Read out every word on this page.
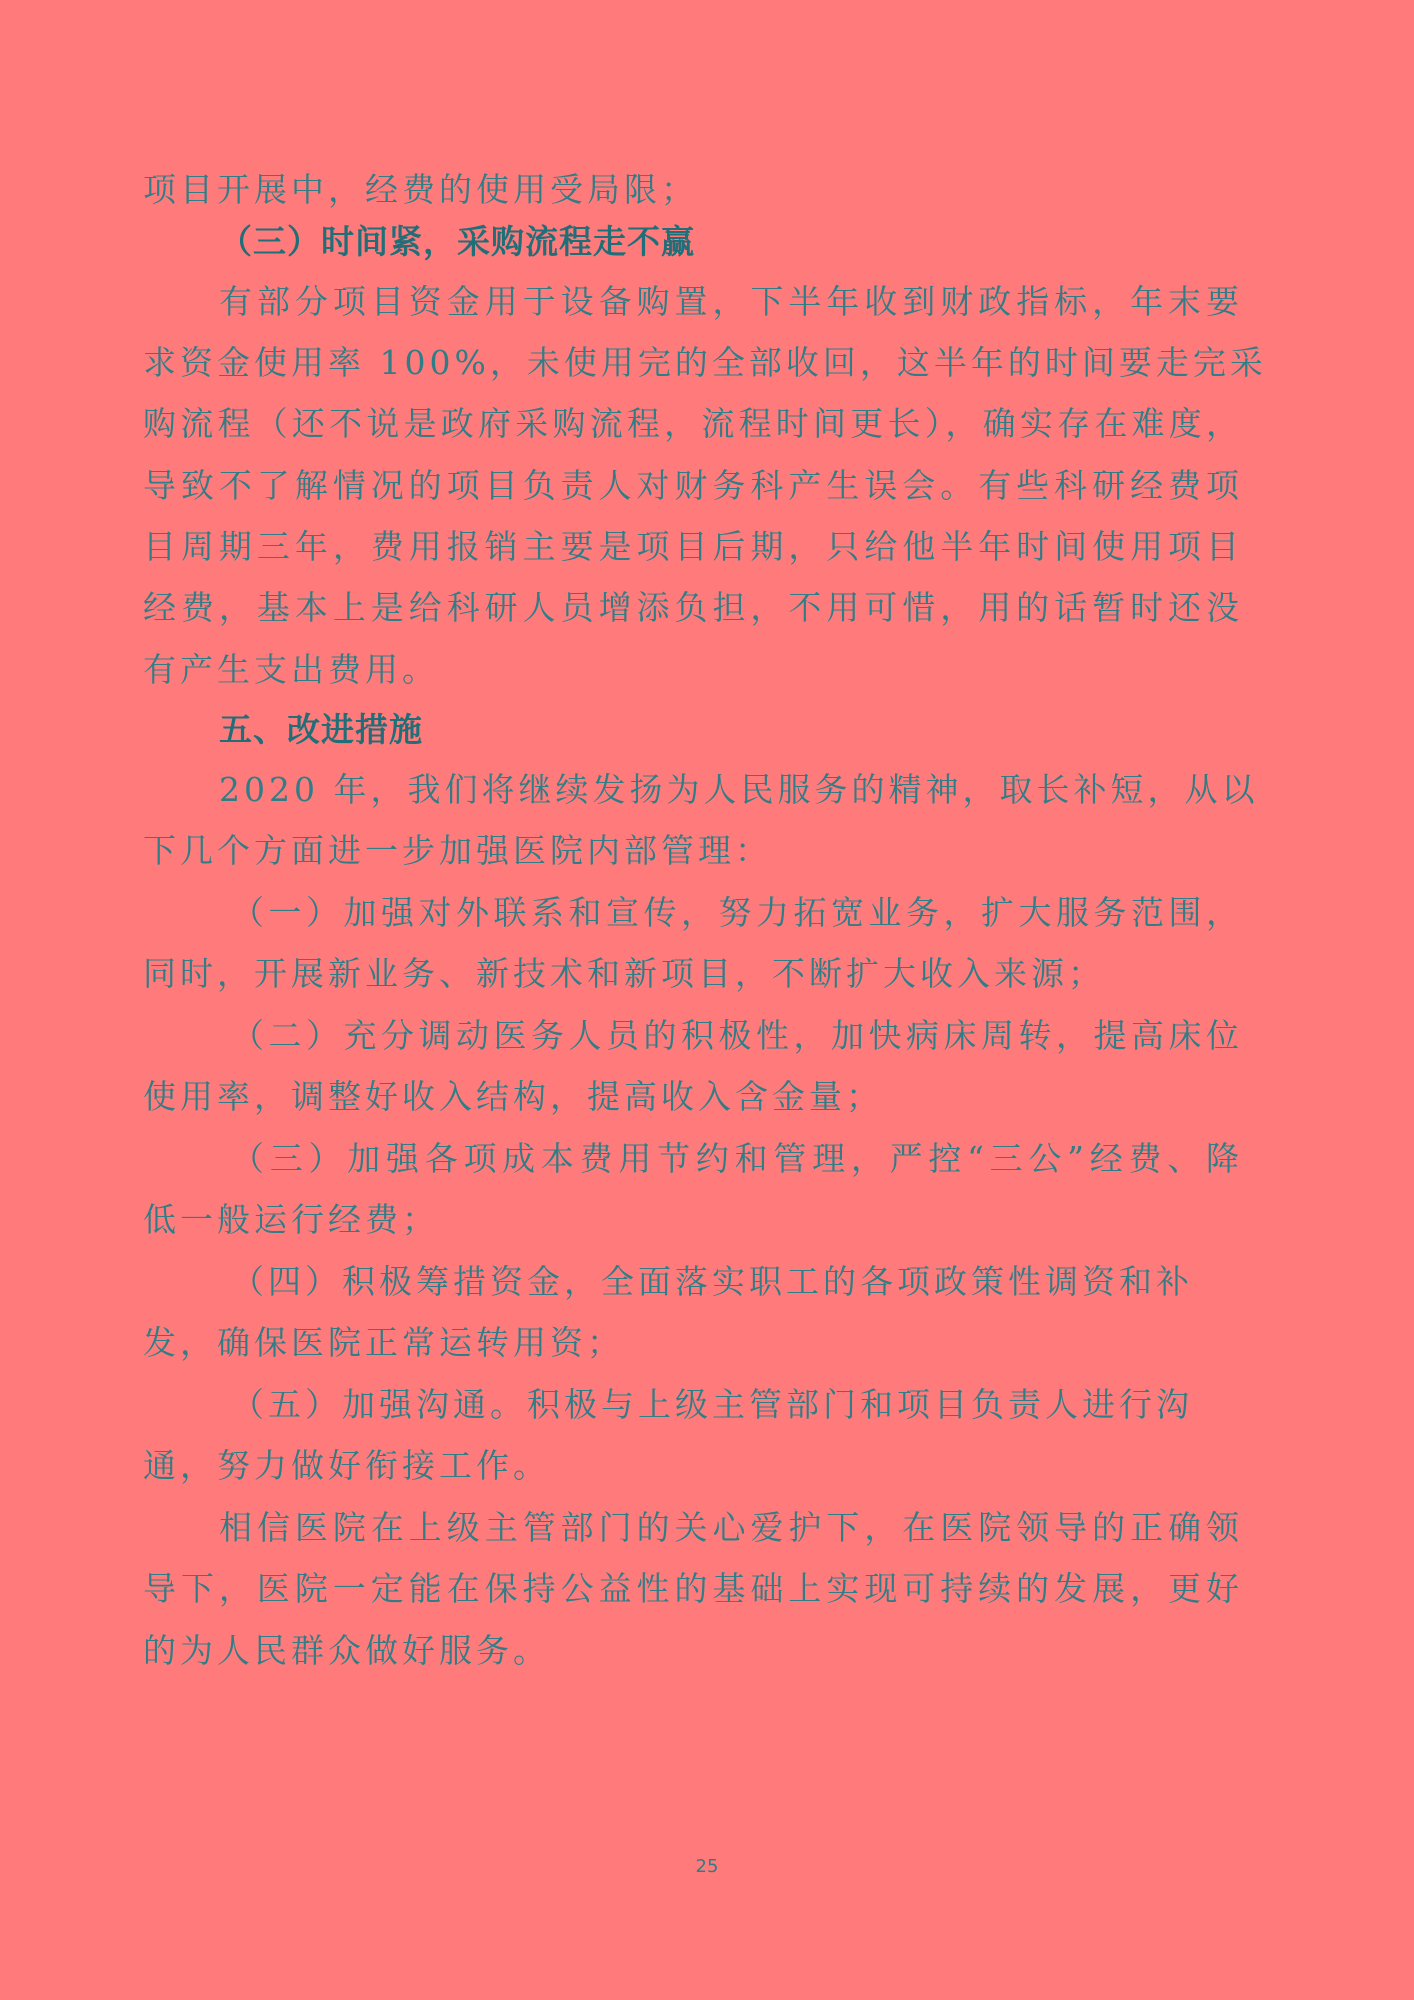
项目开展中，经费的使用受局限；
（三）时间紧，采购流程走不赢
有部分项目资金用于设备购置，下半年收到财政指标，年末要
求资金使用率 100%，未使用完的全部收回，这半年的时间要走完采
购流程（还不说是政府采购流程，流程时间更长），确实存在难度，
导致不了解情况的项目负责人对财务科产生误会。有些科研经费项
目周期三年，费用报销主要是项目后期，只给他半年时间使用项目
经费，基本上是给科研人员增添负担，不用可惜，用的话暂时还没
有产生支出费用。
五、改进措施
2020 年，我们将继续发扬为人民服务的精神，取长补短，从以
下几个方面进一步加强医院内部管理：
（一）加强对外联系和宣传，努力拓宽业务，扩大服务范围，
同时，开展新业务、新技术和新项目，不断扩大收入来源；
（二）充分调动医务人员的积极性，加快病床周转，提高床位
使用率，调整好收入结构，提高收入含金量；
（三）加强各项成本费用节约和管理，严控“三公”经费、降
低一般运行经费；
（四）积极筹措资金，全面落实职工的各项政策性调资和补
发，确保医院正常运转用资；
（五）加强沟通。积极与上级主管部门和项目负责人进行沟
通，努力做好衔接工作。
相信医院在上级主管部门的关心爱护下，在医院领导的正确领
导下，医院一定能在保持公益性的基础上实现可持续的发展，更好
的为人民群众做好服务。
25
